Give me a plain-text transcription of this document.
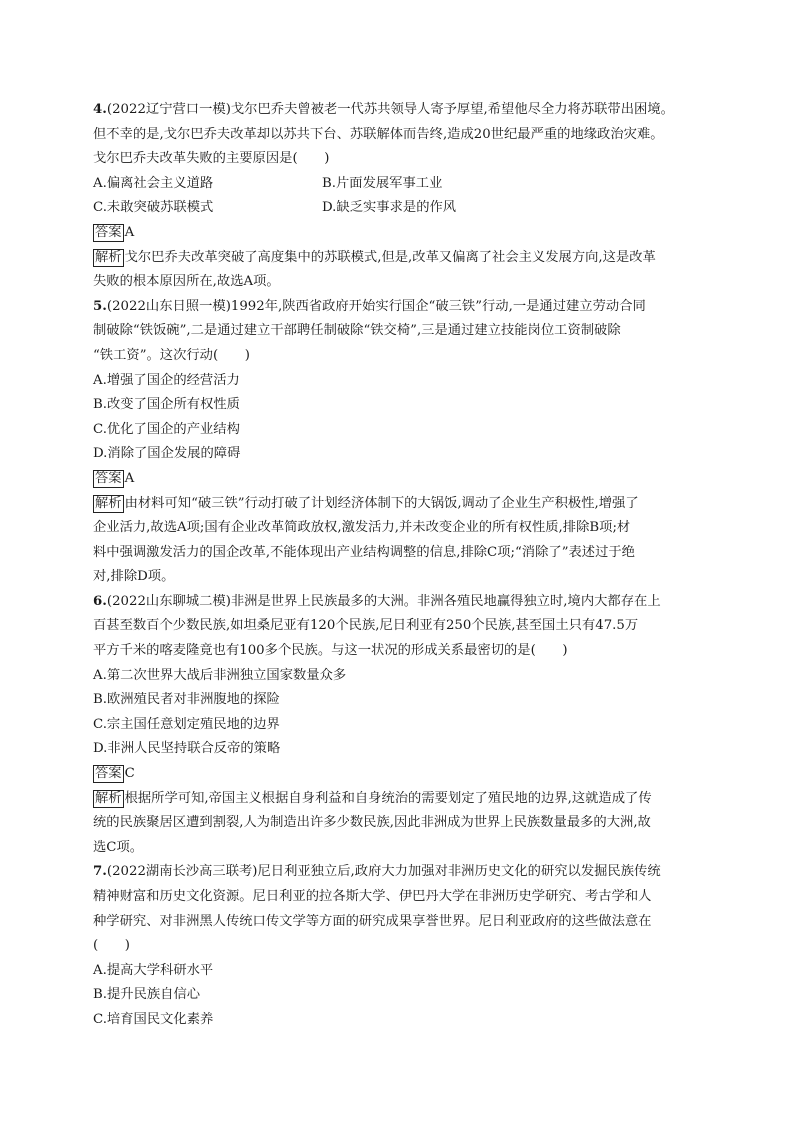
4.(2022辽宁营口一模)戈尔巴乔夫曾被老一代苏共领导人寄予厚望,希望他尽全力将苏联带出困境。
但不幸的是,戈尔巴乔夫改革却以苏共下台、苏联解体而告终,造成20世纪最严重的地缘政治灾难。
戈尔巴乔夫改革失败的主要原因是(　　)
A.偏离社会主义道路	B.片面发展军事工业
C.未敢突破苏联模式	D.缺乏实事求是的作风
答案 A
解析 戈尔巴乔夫改革突破了高度集中的苏联模式,但是,改革又偏离了社会主义发展方向,这是改革
失败的根本原因所在,故选A项。
5.(2022山东日照一模)1992年,陕西省政府开始实行国企“破三铁”行动,一是通过建立劳动合同
制破除“铁饭碗”,二是通过建立干部聘任制破除“铁交椅”,三是通过建立技能岗位工资制破除
“铁工资”。这次行动(　　)
A.增强了国企的经营活力
B.改变了国企所有权性质
C.优化了国企的产业结构
D.消除了国企发展的障碍
答案 A
解析 由材料可知“破三铁”行动打破了计划经济体制下的大锅饭,调动了企业生产积极性,增强了
企业活力,故选A项;国有企业改革简政放权,激发活力,并未改变企业的所有权性质,排除B项;材
料中强调激发活力的国企改革,不能体现出产业结构调整的信息,排除C项;“消除了”表述过于绝
对,排除D项。
6.(2022山东聊城二模)非洲是世界上民族最多的大洲。非洲各殖民地赢得独立时,境内大都存在上
百甚至数百个少数民族,如坦桑尼亚有120个民族,尼日利亚有250个民族,甚至国土只有47.5万
平方千米的喀麦隆竟也有100多个民族。与这一状况的形成关系最密切的是(　　)
A.第二次世界大战后非洲独立国家数量众多
B.欧洲殖民者对非洲腹地的探险
C.宗主国任意划定殖民地的边界
D.非洲人民坚持联合反帝的策略
答案 C
解析 根据所学可知,帝国主义根据自身利益和自身统治的需要划定了殖民地的边界,这就造成了传
统的民族聚居区遭到割裂,人为制造出许多少数民族,因此非洲成为世界上民族数量最多的大洲,故
选C项。
7.(2022湖南长沙高三联考)尼日利亚独立后,政府大力加强对非洲历史文化的研究以发掘民族传统
精神财富和历史文化资源。尼日利亚的拉各斯大学、伊巴丹大学在非洲历史学研究、考古学和人
种学研究、对非洲黑人传统口传文学等方面的研究成果享誉世界。尼日利亚政府的这些做法意在
(　　)
A.提高大学科研水平
B.提升民族自信心
C.培育国民文化素养
